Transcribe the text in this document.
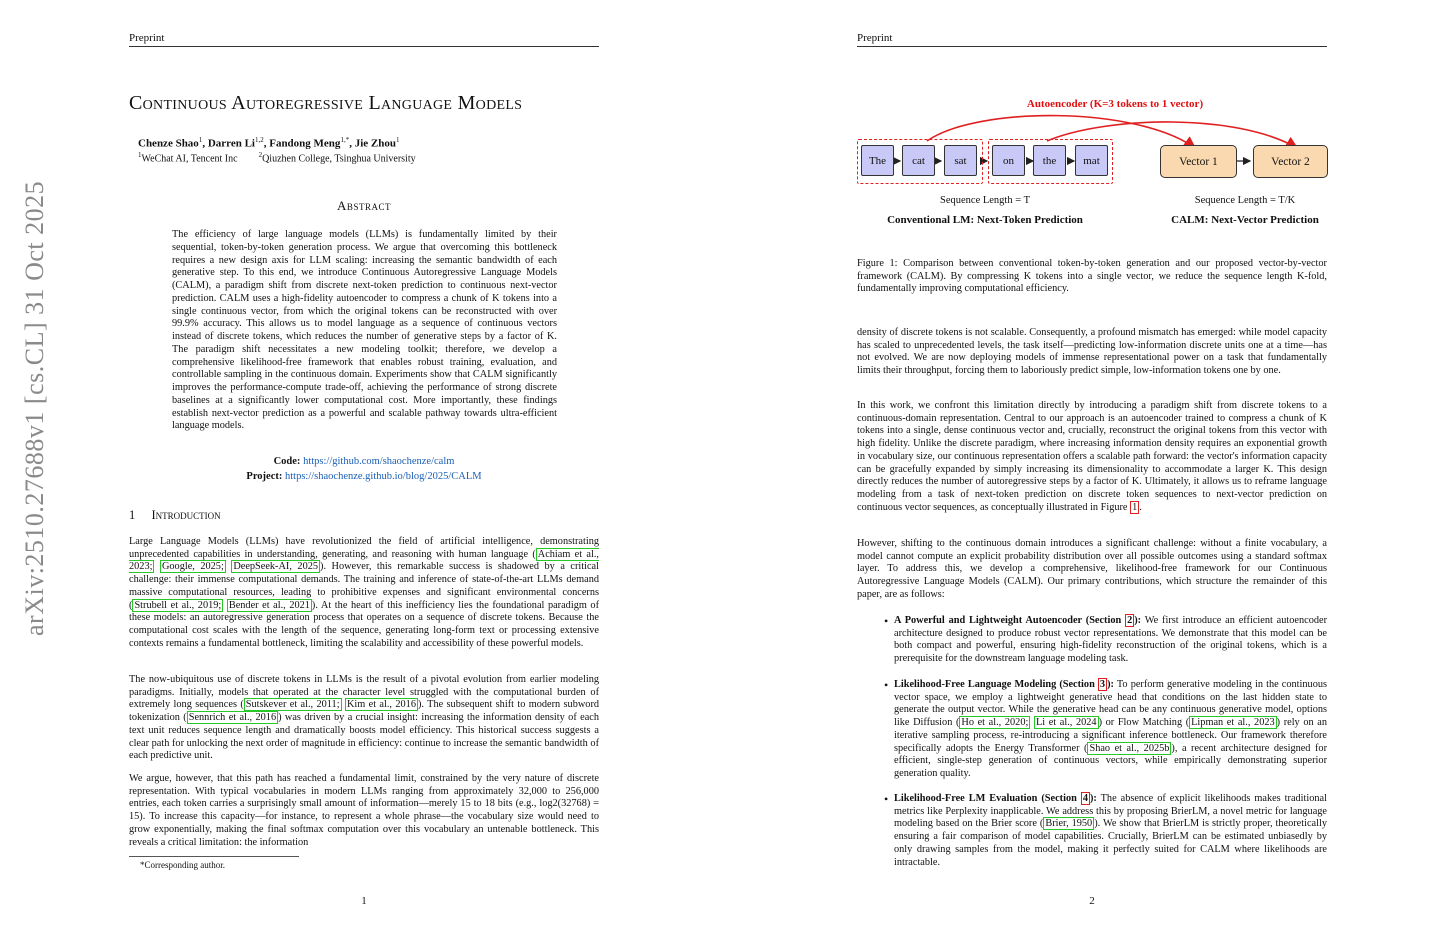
arXiv:2510.27688v1 [cs.CL] 31 Oct 2025
Preprint
Continuous Autoregressive Language Models
Chenze Shao$^1$, Darren Li$^{1,2}$, Fandong Meng$^{1,*}$, Jie Zhou$^1$
$^1$WeChat AI, Tencent Inc	$^2$Qiuzhen College, Tsinghua University
Abstract
The efficiency of large language models (LLMs) is fundamentally limited by their sequential, token-by-token generation process. We argue that overcoming this bottleneck requires a new design axis for LLM scaling: increasing the semantic bandwidth of each generative step. To this end, we introduce Continuous Autoregressive Language Models (CALM), a paradigm shift from discrete next-token prediction to continuous next-vector prediction. CALM uses a high-fidelity autoencoder to compress a chunk of K tokens into a single continuous vector, from which the original tokens can be reconstructed with over 99.9% accuracy. This allows us to model language as a sequence of continuous vectors instead of discrete tokens, which reduces the number of generative steps by a factor of K. The paradigm shift necessitates a new modeling toolkit; therefore, we develop a comprehensive likelihood-free framework that enables robust training, evaluation, and controllable sampling in the continuous domain. Experiments show that CALM significantly improves the performance-compute trade-off, achieving the performance of strong discrete baselines at a significantly lower computational cost. More importantly, these findings establish next-vector prediction as a powerful and scalable pathway towards ultra-efficient language models.
Code: https://github.com/shaochenze/calm
Project: https://shaochenze.github.io/blog/2025/CALM
1 Introduction
Large Language Models (LLMs) have revolutionized the field of artificial intelligence, demonstrating unprecedented capabilities in understanding, generating, and reasoning with human language ( Achiam et al., 2023; Google, 2025; DeepSeek-AI, 2025 ). However, this remarkable success is shadowed by a critical challenge: their immense computational demands. The training and inference of state-of-the-art LLMs demand massive computational resources, leading to prohibitive expenses and significant environmental concerns ( Strubell et al., 2019; Bender et al., 2021 ). At the heart of this inefficiency lies the foundational paradigm of these models: an autoregressive generation process that operates on a sequence of discrete tokens. Because the computational cost scales with the length of the sequence, generating long-form text or processing extensive contexts remains a fundamental bottleneck, limiting the scalability and accessibility of these powerful models.
The now-ubiquitous use of discrete tokens in LLMs is the result of a pivotal evolution from earlier modeling paradigms. Initially, models that operated at the character level struggled with the computational burden of extremely long sequences ( Sutskever et al., 2011; Kim et al., 2016 ). The subsequent shift to modern subword tokenization ( Sennrich et al., 2016 ) was driven by a crucial insight: increasing the information density of each text unit reduces sequence length and dramatically boosts model efficiency. This historical success suggests a clear path for unlocking the next order of magnitude in efficiency: continue to increase the semantic bandwidth of each predictive unit.
We argue, however, that this path has reached a fundamental limit, constrained by the very nature of discrete representation. With typical vocabularies in modern LLMs ranging from approximately 32,000 to 256,000 entries, each token carries a surprisingly small amount of information—merely 15 to 18 bits (e.g., log2(32768) = 15). To increase this capacity—for instance, to represent a whole phrase—the vocabulary size would need to grow exponentially, making the final softmax computation over this vocabulary an untenable bottleneck. This reveals a critical limitation: the information
*Corresponding author.
1
Preprint
Autoencoder (K=3 tokens to 1 vector)
The	cat	sat	on	the	mat	Vector 1	Vector 2
Sequence Length = T
Conventional LM: Next-Token Prediction
Sequence Length = T/K
CALM: Next-Vector Prediction
Figure 1: Comparison between conventional token-by-token generation and our proposed vector-by-vector framework (CALM). By compressing K tokens into a single vector, we reduce the sequence length K-fold, fundamentally improving computational efficiency.
density of discrete tokens is not scalable. Consequently, a profound mismatch has emerged: while model capacity has scaled to unprecedented levels, the task itself—predicting low-information discrete units one at a time—has not evolved. We are now deploying models of immense representational power on a task that fundamentally limits their throughput, forcing them to laboriously predict simple, low-information tokens one by one.
In this work, we confront this limitation directly by introducing a paradigm shift from discrete tokens to a continuous-domain representation. Central to our approach is an autoencoder trained to compress a chunk of K tokens into a single, dense continuous vector and, crucially, reconstruct the original tokens from this vector with high fidelity. Unlike the discrete paradigm, where increasing information density requires an exponential growth in vocabulary size, our continuous representation offers a scalable path forward: the vector's information capacity can be gracefully expanded by simply increasing its dimensionality to accommodate a larger K. This design directly reduces the number of autoregressive steps by a factor of K. Ultimately, it allows us to reframe language modeling from a task of next-token prediction on discrete token sequences to next-vector prediction on continuous vector sequences, as conceptually illustrated in Figure 1 .
However, shifting to the continuous domain introduces a significant challenge: without a finite vocabulary, a model cannot compute an explicit probability distribution over all possible outcomes using a standard softmax layer. To address this, we develop a comprehensive, likelihood-free framework for our Continuous Autoregressive Language Models (CALM). Our primary contributions, which structure the remainder of this paper, are as follows:
• A Powerful and Lightweight Autoencoder (Section 2 ): We first introduce an efficient autoencoder architecture designed to produce robust vector representations. We demonstrate that this model can be both compact and powerful, ensuring high-fidelity reconstruction of the original tokens, which is a prerequisite for the downstream language modeling task.
• Likelihood-Free Language Modeling (Section 3 ): To perform generative modeling in the continuous vector space, we employ a lightweight generative head that conditions on the last hidden state to generate the output vector. While the generative head can be any continuous generative model, options like Diffusion ( Ho et al., 2020; Li et al., 2024 ) or Flow Matching ( Lipman et al., 2023 ) rely on an iterative sampling process, re-introducing a significant inference bottleneck. Our framework therefore specifically adopts the Energy Transformer ( Shao et al., 2025b ), a recent architecture designed for efficient, single-step generation of continuous vectors, while empirically demonstrating superior generation quality.
• Likelihood-Free LM Evaluation (Section 4 ): The absence of explicit likelihoods makes traditional metrics like Perplexity inapplicable. We address this by proposing BrierLM, a novel metric for language modeling based on the Brier score ( Brier, 1950 ). We show that BrierLM is strictly proper, theoretically ensuring a fair comparison of model capabilities. Crucially, BrierLM can be estimated unbiasedly by only drawing samples from the model, making it perfectly suited for CALM where likelihoods are intractable.
2
